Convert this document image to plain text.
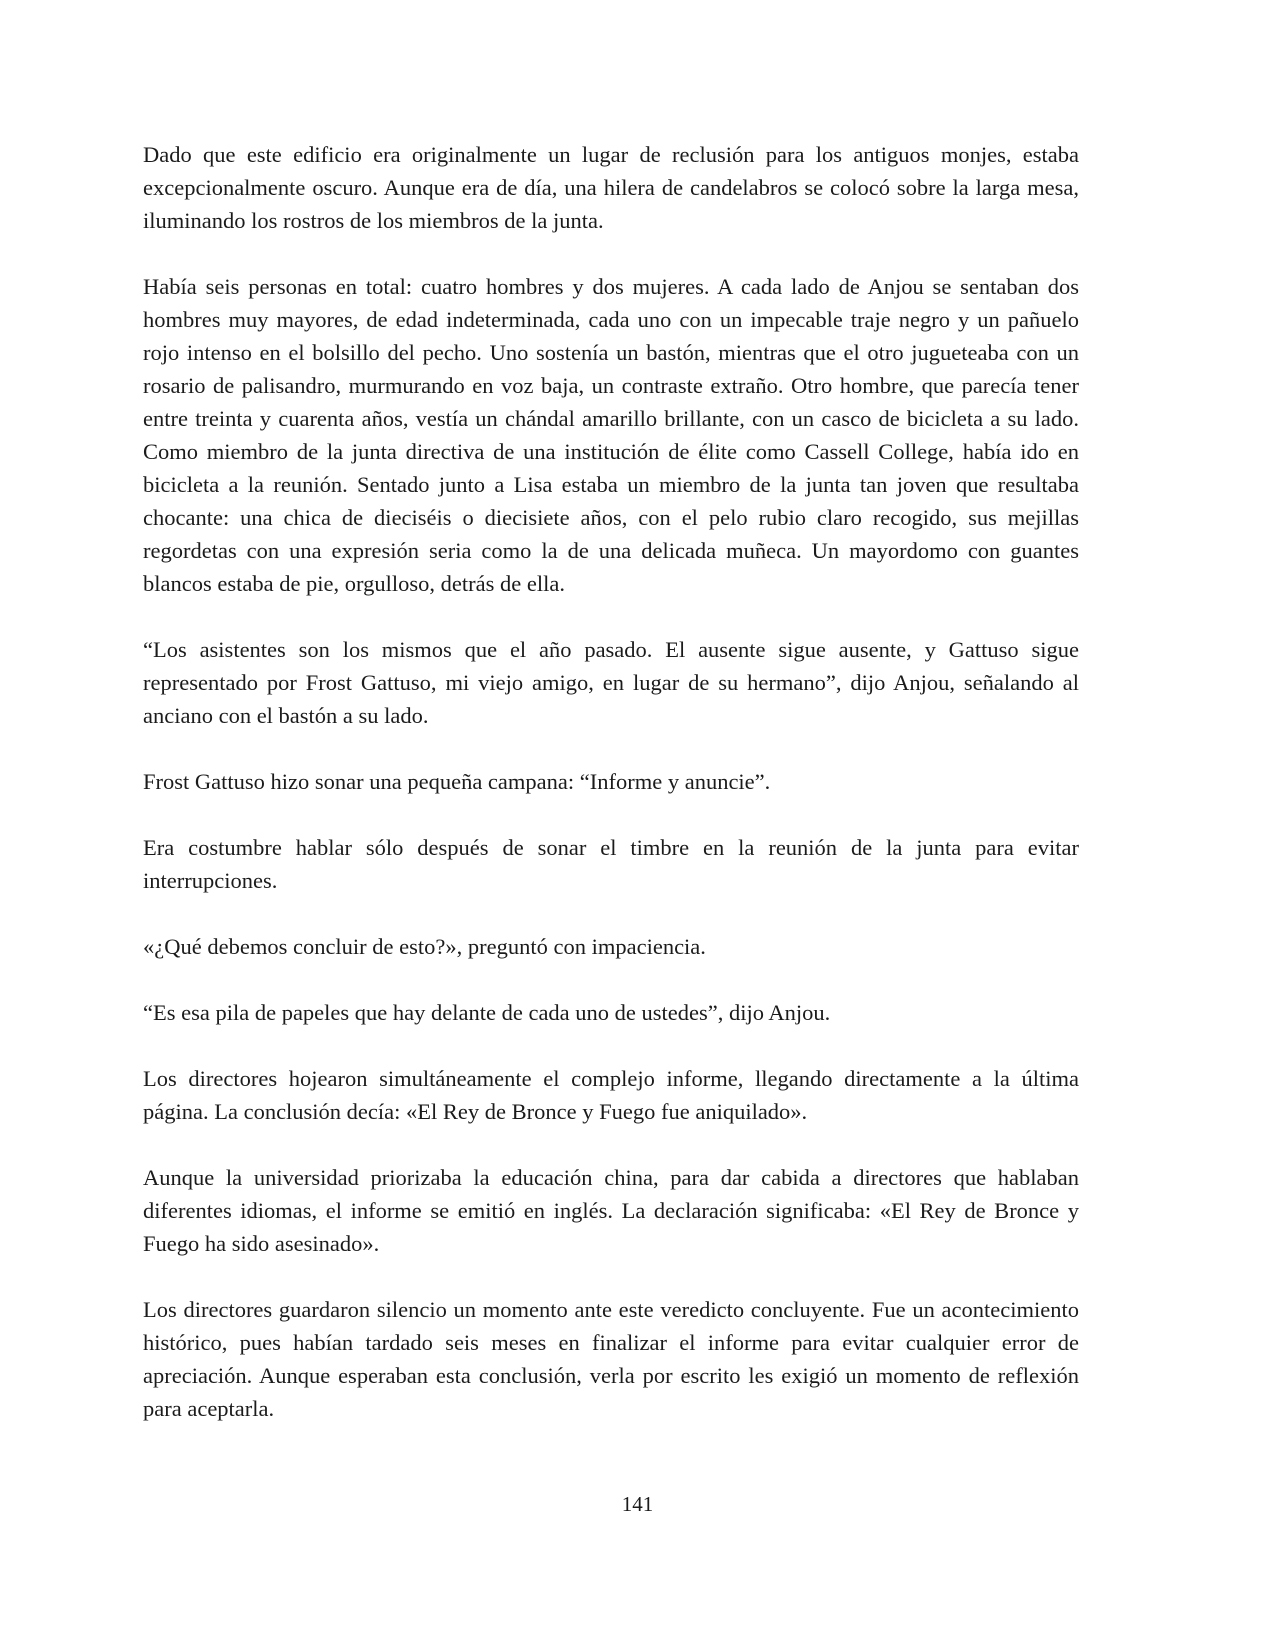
Dado que este edificio era originalmente un lugar de reclusión para los antiguos monjes, estaba excepcionalmente oscuro. Aunque era de día, una hilera de candelabros se colocó sobre la larga mesa, iluminando los rostros de los miembros de la junta.

Había seis personas en total: cuatro hombres y dos mujeres. A cada lado de Anjou se sentaban dos hombres muy mayores, de edad indeterminada, cada uno con un impecable traje negro y un pañuelo rojo intenso en el bolsillo del pecho. Uno sostenía un bastón, mientras que el otro jugueteaba con un rosario de palisandro, murmurando en voz baja, un contraste extraño. Otro hombre, que parecía tener entre treinta y cuarenta años, vestía un chándal amarillo brillante, con un casco de bicicleta a su lado. Como miembro de la junta directiva de una institución de élite como Cassell College, había ido en bicicleta a la reunión. Sentado junto a Lisa estaba un miembro de la junta tan joven que resultaba chocante: una chica de dieciséis o diecisiete años, con el pelo rubio claro recogido, sus mejillas regordetas con una expresión seria como la de una delicada muñeca. Un mayordomo con guantes blancos estaba de pie, orgulloso, detrás de ella.

“Los asistentes son los mismos que el año pasado. El ausente sigue ausente, y Gattuso sigue representado por Frost Gattuso, mi viejo amigo, en lugar de su hermano”, dijo Anjou, señalando al anciano con el bastón a su lado.

Frost Gattuso hizo sonar una pequeña campana: “Informe y anuncie”.

Era costumbre hablar sólo después de sonar el timbre en la reunión de la junta para evitar interrupciones.

«¿Qué debemos concluir de esto?», preguntó con impaciencia.

“Es esa pila de papeles que hay delante de cada uno de ustedes”, dijo Anjou.

Los directores hojearon simultáneamente el complejo informe, llegando directamente a la última página. La conclusión decía: «El Rey de Bronce y Fuego fue aniquilado».

Aunque la universidad priorizaba la educación china, para dar cabida a directores que hablaban diferentes idiomas, el informe se emitió en inglés. La declaración significaba: «El Rey de Bronce y Fuego ha sido asesinado».

Los directores guardaron silencio un momento ante este veredicto concluyente. Fue un acontecimiento histórico, pues habían tardado seis meses en finalizar el informe para evitar cualquier error de apreciación. Aunque esperaban esta conclusión, verla por escrito les exigió un momento de reflexión para aceptarla.

141
